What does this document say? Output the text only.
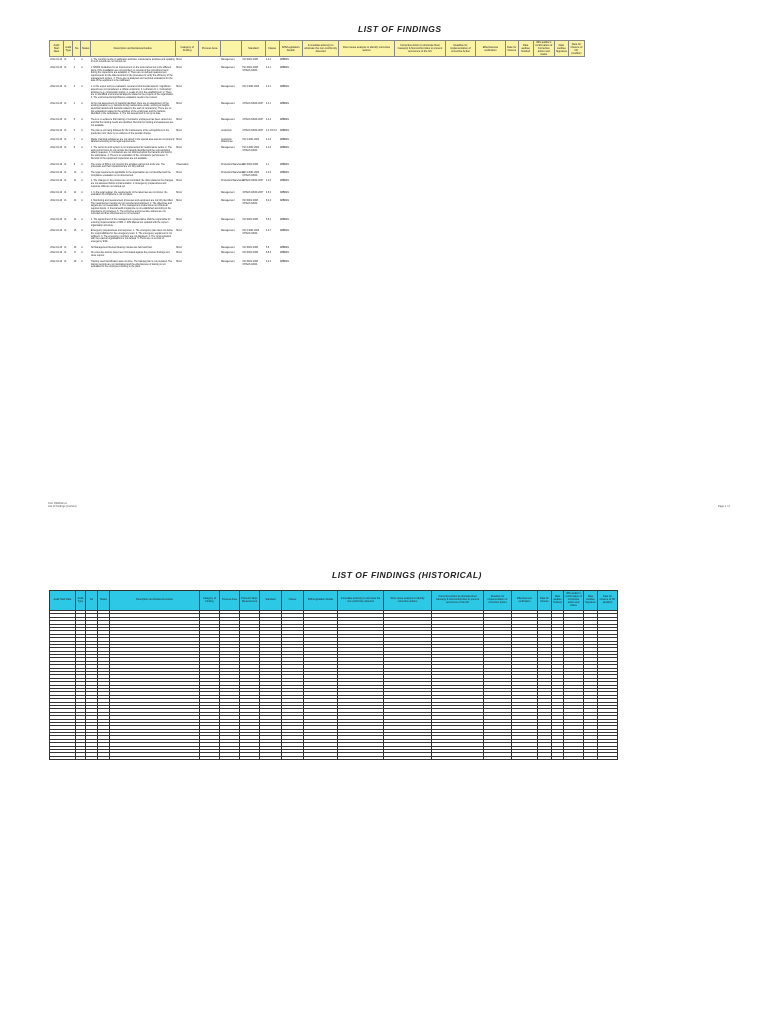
LIST OF FINDINGS
Audit Start Date	Audit Type	No	Status	Description and Evidence/Justice	Category of Finding	Process Area		Standard	Clause	IMS/Legislation Details	Immediate action(s) to eliminate the non-conformity detected	Root cause analysis to identify corrective actions	Corrective Action to eliminate Root Cause(s) & Nonconformities to prevent recurrence of the NC	Deadline for implementation of corrective Action	Effectiveness verification	Date for Closure	Date auditee finished	IMS auditor's confirmation of Corrective action and status	Date Auditee Signature	Date for Closure of NC (Auditor)
2012-04-16	IA	1	A	1. The monthly trends on calibration activities, maintenance activities and updating of such records are not carried out.	Minor		Management	ISO 9001:2008	4.2.4	ABBREV										
2012-04-16	IA	2	A	1. MNDS Guidelines for an improvement on the tests carried out in the different parts of the installation are not complied; no records of the corrections found during the inspections are available. 2. There are no defined measurement requirements for the data recorded in the processes to verify the efficiency of the management system. 3. There are no analysed and recorded evaluations for the data of the equipment to be calibrated.	Minor		Management	ISO 9001:2008 OHSAS 18001	4.2.1	ABBREV										
2012-04-16	IA	3	A	1. At the expert and pre-evaluation, several environmental aspects / significant aspects are not considered: a. Waste emissions; b. Lubricant oil; c. Contractors' activities (e.g. construction works); d. Leaks of oil in the establishment. 2. There are no identified environmental aspects related to the projects of the organization. 3. The environmental significance evaluation needs to be revised.	Minor		Management	ISO 14001:2004	4.3.1	ABBREV										
2012-04-16	IA	4	A	At the risk assessment on hazards identified, there are no assessment of the existing situation (e.g. hazards during maintenance works, working at heights, electrical hazards and hazards related to the work of contractors). There are no risk evaluations related to the activities of the employees and the hazards identified in the workplaces. 2. The risk assessment is not up to date.	Minor		Management	OHSAS 18001:2007	4.3.1	ABBREV										
2012-04-16	IA	5	A	There is no evidence that training of contractor employees has been carried out and that the training needs are identified. Records for training and awareness are not available.	Minor		Management	OHSAS 18001:2007	4.4.2	ABBREV										
2012-04-16	IA	6	A	The plan is not being followed for the maintenance of fire extinguishers in the production unit; there is no evidence of the periodic checks.	Minor		production	OHSAS 18001:2007	4.4.7/4.5.2	ABBREV										
2012-04-16	IA	7	A	Waste chemical substances are not stored in the special area and are not properly labelled according to the legal requirements.	Minor		production Warehouse	ISO 14001:2004	4.4.6	ABBREV										
2012-04-16	IA	8	A	1. The permit to work system is not implemented for maintenance works. 2. The work permit forms do not include the hazards identified and the corresponding safety measures. 3. Contractors are not informed about the hazards and risks in the workplaces. 4. There is no evaluation of the contractors' performance. 5. Records of the equipment inspections are not available.	Minor		Management	ISO 14001:2004 OHSAS 18001	4.4.6	ABBREV										
2012-04-16	IA	9	A	The scope of IMS is not covering the activities carried out at the site. The processes and their interactions are not fully defined.	Observation		Production/Warehouse	ISO 9001:2008	4.1	ABBREV										
2012-04-16	IA	10	A	The legal requirements applicable to the organisation are not identified and the compliance evaluation is not documented.	Minor		Production/Warehouse	ISO 14001:2004 OHSAS 18001	4.3.2	ABBREV										
2012-04-16	IA	11	A	1. The changes in the process are not controlled; the risks related to the changes are not assessed before implementation. 2. Emergency preparedness and response drills are not carried out.	Minor		Production/Warehouse	OHSAS 18001:2007	4.4.6	ABBREV										
2012-04-16	IA	12	A	1. In the legal register, the requirements of the latest law are not shown; the evaluation of compliance is not complete.	Minor		Management	OHSAS 18001:2007	4.5.2	ABBREV										
2012-04-16	IA	13	A	1. Monitoring and measurement processes and equipment are not fully identified. The measurement results are not recorded and analysed. 2. The objectives and targets are not measurable. 3. The management review does not include all required inputs. 4. Internal audit programme is not established according to the importance of processes. 5. The corrective and preventive actions are not recorded and their effectiveness is not reviewed.	Minor		Management	ISO 9001:2008 OHSAS 18001	8.2.3	ABBREV										
2012-04-16	IA	14	A	1. The appointment of the management representative shall be responsible for ensuring implementation of IMS. 2. IMS Manual not updated with the current organisation structure.	Minor		Management	ISO 9001:2008	5.5.1	ABBREV										
2012-04-16	IA	15	A	Emergency preparedness and response: 1. The emergency plan does not define the responsibilities for the emergency team. 2. The emergency equipment is not sufficient. 3. The emergency numbers are not displayed. 4. The communication with the external organisations is not defined. 5. There are no records of emergency drills.	Minor		Management	ISO 14001:2004 OHSAS 18001	4.4.7	ABBREV										
2012-04-16	IA	16	A	No Management Review Meeting minutes are held and filed.	Minor		Management	ISO 9001:2008	5.6	ABBREV										
2012-04-16	IA	17	A	No corrective actions have been formulated against the previous findings and close reports.	Minor		Management	ISO 9001:2008	8.5.2	ABBREV										
2012-04-16	IA	18	A	Training need identification was not done. The training plan is not prepared. The training records are not maintained and the effectiveness of training is not evaluated for the employees working in the plant.	Minor		Management	ISO 9001:2008 OHSAS 18001	6.2.2	ABBREV										
Unit: 03/2012-xx
List of Findings (Current)	Page 1 / 2
LIST OF FINDINGS (HISTORICAL)
Audit Start Date	Audit Type	No	Status	Description and Evidence/Justice	Category of Finding	Process Area	Process/ Dept. Measurement	Standard	Clause	IMS/Legislation Details	Immediate action(s) to eliminate the non-conformity detected	Root cause analysis to identify corrective actions	Corrective Action to eliminate Root Cause(s) & Nonconformities to prevent recurrence of the NC	Deadline for implementation of corrective Action	Effectiveness verification	Date for Closure	Date auditee finished	IMS auditor's confirmation of Corrective action and status	Date Auditee Signature	Date for Closure of NC (Auditor)
